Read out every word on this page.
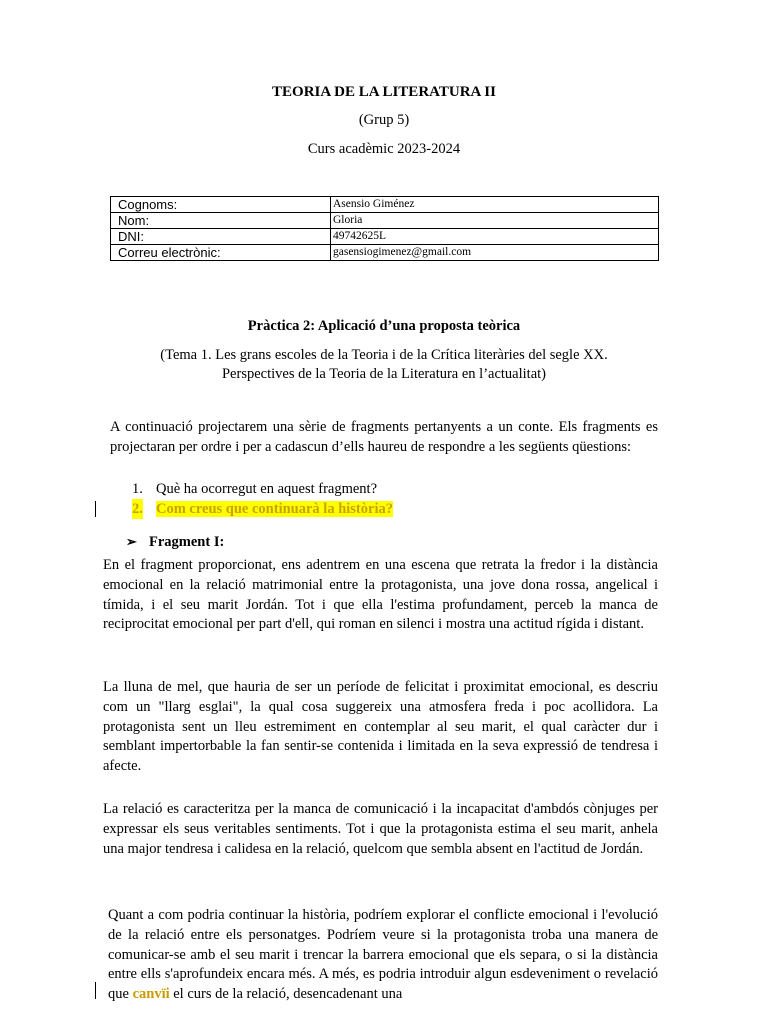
TEORIA DE LA LITERATURA II
(Grup 5)
Curs acadèmic 2023-2024
Cognoms:	Asensio Giménez
Nom:	Gloria
DNI:	49742625L
Correu electrònic:	gasensiogimenez@gmail.com
Pràctica 2: Aplicació d’una proposta teòrica
(Tema 1. Les grans escoles de la Teoria i de la Crítica literàries del segle XX.
Perspectives de la Teoria de la Literatura en l’actualitat)

A continuació projectarem una sèrie de fragments pertanyents a un conte. Els fragments es projectaran per ordre i per a cadascun d’ells haureu de respondre a les següents qüestions:

1. Què ha ocorregut en aquest fragment?
2. Com creus que continuarà la història?
➢ Fragment I:

En el fragment proporcionat, ens adentrem en una escena que retrata la fredor i la distància emocional en la relació matrimonial entre la protagonista, una jove dona rossa, angelical i tímida, i el seu marit Jordán. Tot i que ella l'estima profundament, perceb la manca de reciprocitat emocional per part d'ell, qui roman en silenci i mostra una actitud rígida i distant.

La lluna de mel, que hauria de ser un període de felicitat i proximitat emocional, es descriu com un "llarg esglai", la qual cosa suggereix una atmosfera freda i poc acollidora. La protagonista sent un lleu estremiment en contemplar al seu marit, el qual caràcter dur i semblant impertorbable la fan sentir-se contenida i limitada en la seva expressió de tendresa i afecte.

La relació es caracteritza per la manca de comunicació i la incapacitat d'ambdós cònjuges per expressar els seus veritables sentiments. Tot i que la protagonista estima el seu marit, anhela una major tendresa i calidesa en la relació, quelcom que sembla absent en l'actitud de Jordán.

Quant a com podria continuar la història, podríem explorar el conflicte emocional i l'evolució de la relació entre els personatges. Podríem veure si la protagonista troba una manera de comunicar-se amb el seu marit i trencar la barrera emocional que els separa, o si la distància entre ells s'aprofundeix encara més. A més, es podria introduir algun esdeveniment o revelació que canvïi el curs de la relació, desencadenant una
